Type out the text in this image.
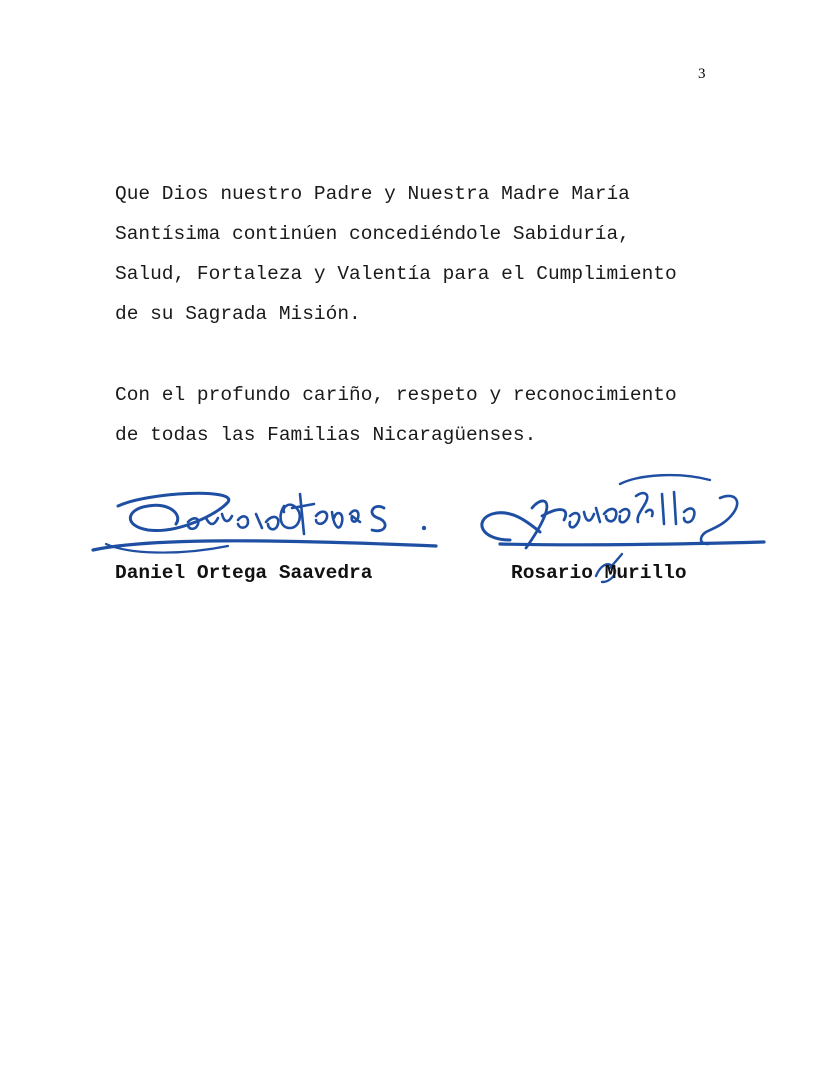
3

Que Dios nuestro Padre y Nuestra Madre María
Santísima continúen concediéndole Sabiduría,
Salud, Fortaleza y Valentía para el Cumplimiento
de su Sagrada Misión.

Con el profundo cariño, respeto y reconocimiento
de todas las Familias Nicaragüenses.

Daniel Ortega Saavedra	Rosario Murillo
